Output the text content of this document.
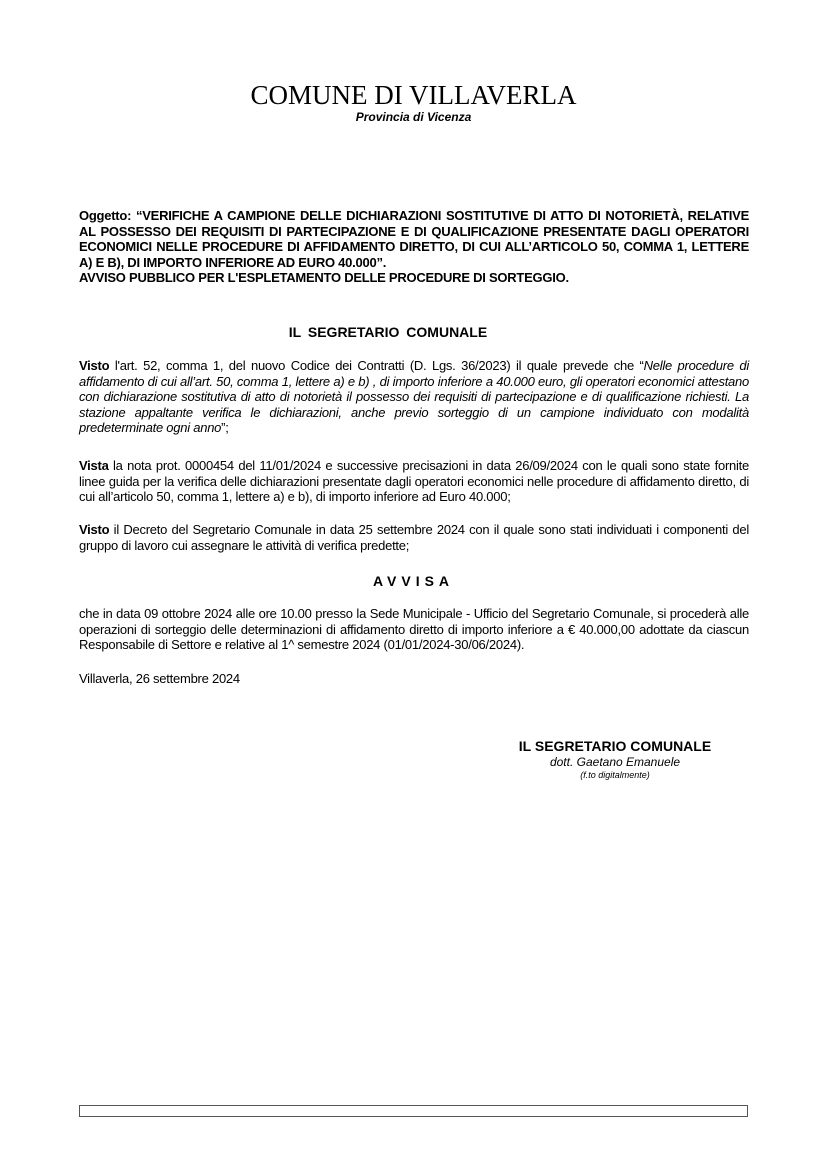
COMUNE DI VILLAVERLA
Provincia di Vicenza
Oggetto: “VERIFICHE A CAMPIONE DELLE DICHIARAZIONI SOSTITUTIVE DI ATTO DI NOTORIETÀ, RELATIVE AL POSSESSO DEI REQUISITI DI PARTECIPAZIONE E DI QUALIFICAZIONE PRESENTATE DAGLI OPERATORI ECONOMICI NELLE PROCEDURE DI AFFIDAMENTO DIRETTO, DI CUI ALL’ARTICOLO 50, COMMA 1, LETTERE A) E B), DI IMPORTO INFERIORE AD EURO 40.000”.
AVVISO PUBBLICO PER L'ESPLETAMENTO DELLE PROCEDURE DI SORTEGGIO.
IL SEGRETARIO COMUNALE
Visto l'art. 52, comma 1, del nuovo Codice dei Contratti (D. Lgs. 36/2023) il quale prevede che “Nelle procedure di affidamento di cui all’art. 50, comma 1, lettere a) e b) , di importo inferiore a 40.000 euro, gli operatori economici attestano con dichiarazione sostitutiva di atto di notorietà il possesso dei requisiti di partecipazione e di qualificazione richiesti. La stazione appaltante verifica le dichiarazioni, anche previo sorteggio di un campione individuato con modalità predeterminate ogni anno”;
Vista la nota prot. 0000454 del 11/01/2024 e successive precisazioni in data 26/09/2024 con le quali sono state fornite linee guida per la verifica delle dichiarazioni presentate dagli operatori economici nelle procedure di affidamento diretto, di cui all’articolo 50, comma 1, lettere a) e b), di importo inferiore ad Euro 40.000;
Visto il Decreto del Segretario Comunale in data 25 settembre 2024 con il quale sono stati individuati i componenti del gruppo di lavoro cui assegnare le attività di verifica predette;
AVVISA
che in data 09 ottobre 2024 alle ore 10.00 presso la Sede Municipale - Ufficio del Segretario Comunale, si procederà alle operazioni di sorteggio delle determinazioni di affidamento diretto di importo inferiore a € 40.000,00 adottate da ciascun Responsabile di Settore e relative al 1^ semestre 2024 (01/01/2024-30/06/2024).
Villaverla, 26 settembre 2024
IL SEGRETARIO COMUNALE
dott. Gaetano Emanuele
(f.to digitalmente)
